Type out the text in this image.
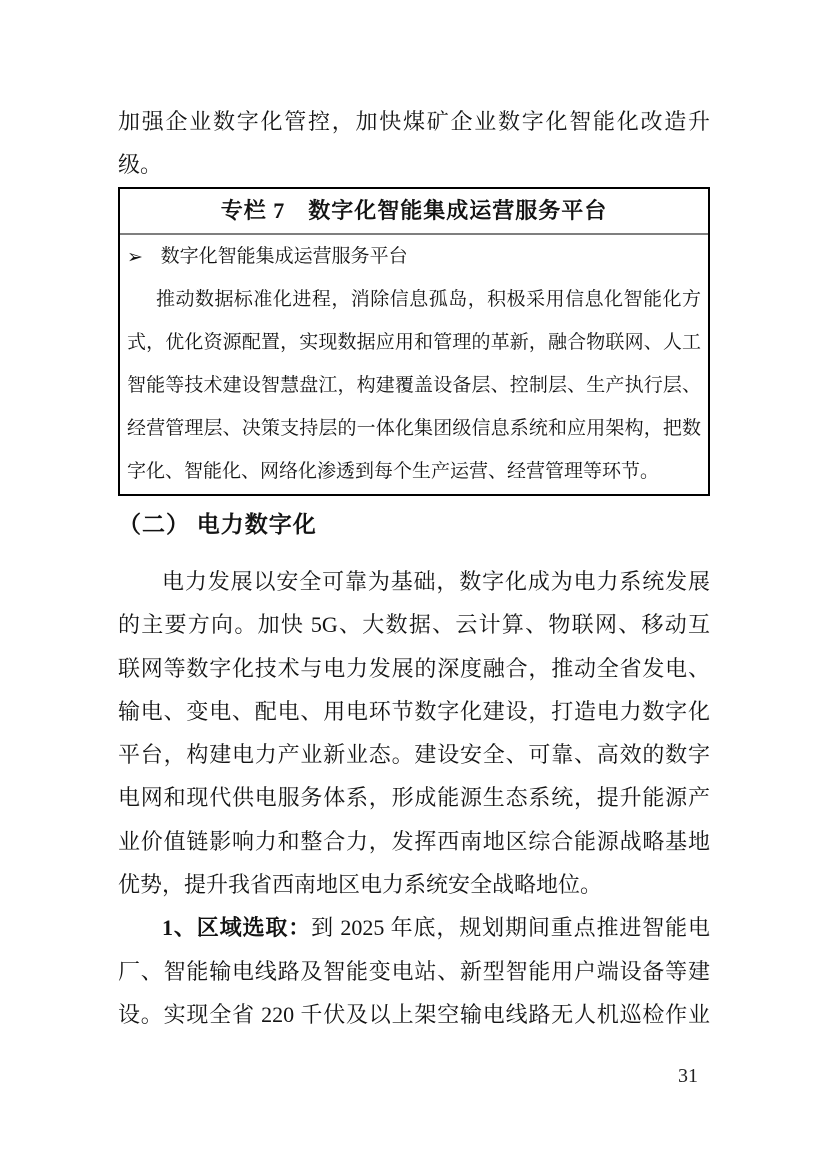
加强企业数字化管控，加快煤矿企业数字化智能化改造升
级。

专栏 7　数字化智能集成运营服务平台
➢ 数字化智能集成运营服务平台
推动数据标准化进程，消除信息孤岛，积极采用信息化智能化方
式，优化资源配置，实现数据应用和管理的革新，融合物联网、人工
智能等技术建设智慧盘江，构建覆盖设备层、控制层、生产执行层、
经营管理层、决策支持层的一体化集团级信息系统和应用架构，把数
字化、智能化、网络化渗透到每个生产运营、经营管理等环节。
（二） 电力数字化
电力发展以安全可靠为基础，数字化成为电力系统发展
的主要方向。加快 5G、大数据、云计算、物联网、移动互
联网等数字化技术与电力发展的深度融合，推动全省发电、
输电、变电、配电、用电环节数字化建设，打造电力数字化
平台，构建电力产业新业态。建设安全、可靠、高效的数字
电网和现代供电服务体系，形成能源生态系统，提升能源产
业价值链影响力和整合力，发挥西南地区综合能源战略基地
优势，提升我省西南地区电力系统安全战略地位。
1、区域选取：到 2025 年底，规划期间重点推进智能电
厂、智能输电线路及智能变电站、新型智能用户端设备等建
设。实现全省 220 千伏及以上架空输电线路无人机巡检作业
31
